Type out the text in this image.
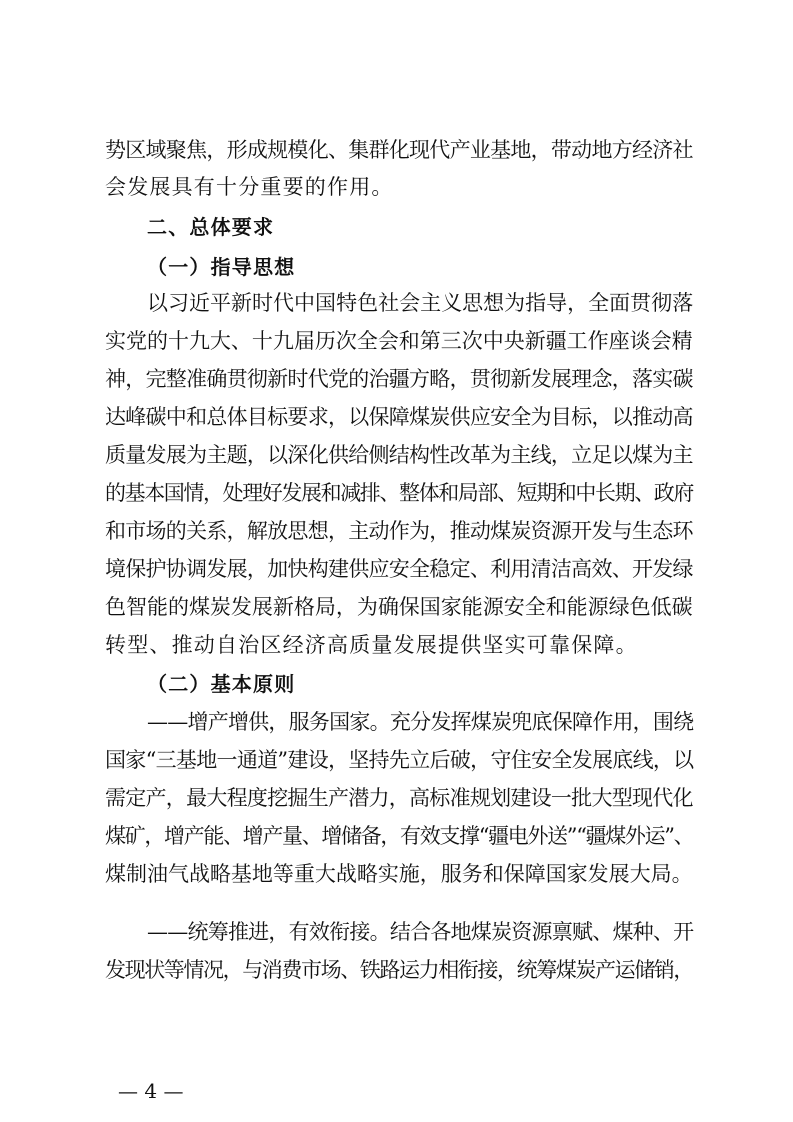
势区域聚焦，形成规模化、集群化现代产业基地，带动地方经济社
会发展具有十分重要的作用。
二、总体要求
（一）指导思想
以习近平新时代中国特色社会主义思想为指导，全面贯彻落
实党的十九大、十九届历次全会和第三次中央新疆工作座谈会精
神，完整准确贯彻新时代党的治疆方略，贯彻新发展理念，落实碳
达峰碳中和总体目标要求，以保障煤炭供应安全为目标，以推动高
质量发展为主题，以深化供给侧结构性改革为主线，立足以煤为主
的基本国情，处理好发展和减排、整体和局部、短期和中长期、政府
和市场的关系，解放思想，主动作为，推动煤炭资源开发与生态环
境保护协调发展，加快构建供应安全稳定、利用清洁高效、开发绿
色智能的煤炭发展新格局，为确保国家能源安全和能源绿色低碳
转型、推动自治区经济高质量发展提供坚实可靠保障。
（二）基本原则
——增产增供，服务国家。充分发挥煤炭兜底保障作用，围绕
国家“三基地一通道”建设，坚持先立后破，守住安全发展底线，以
需定产，最大程度挖掘生产潜力，高标准规划建设一批大型现代化
煤矿，增产能、增产量、增储备，有效支撑“疆电外送”“疆煤外运”、
煤制油气战略基地等重大战略实施，服务和保障国家发展大局。
——统筹推进，有效衔接。结合各地煤炭资源禀赋、煤种、开
发现状等情况，与消费市场、铁路运力相衔接，统筹煤炭产运储销，
— 4 —
